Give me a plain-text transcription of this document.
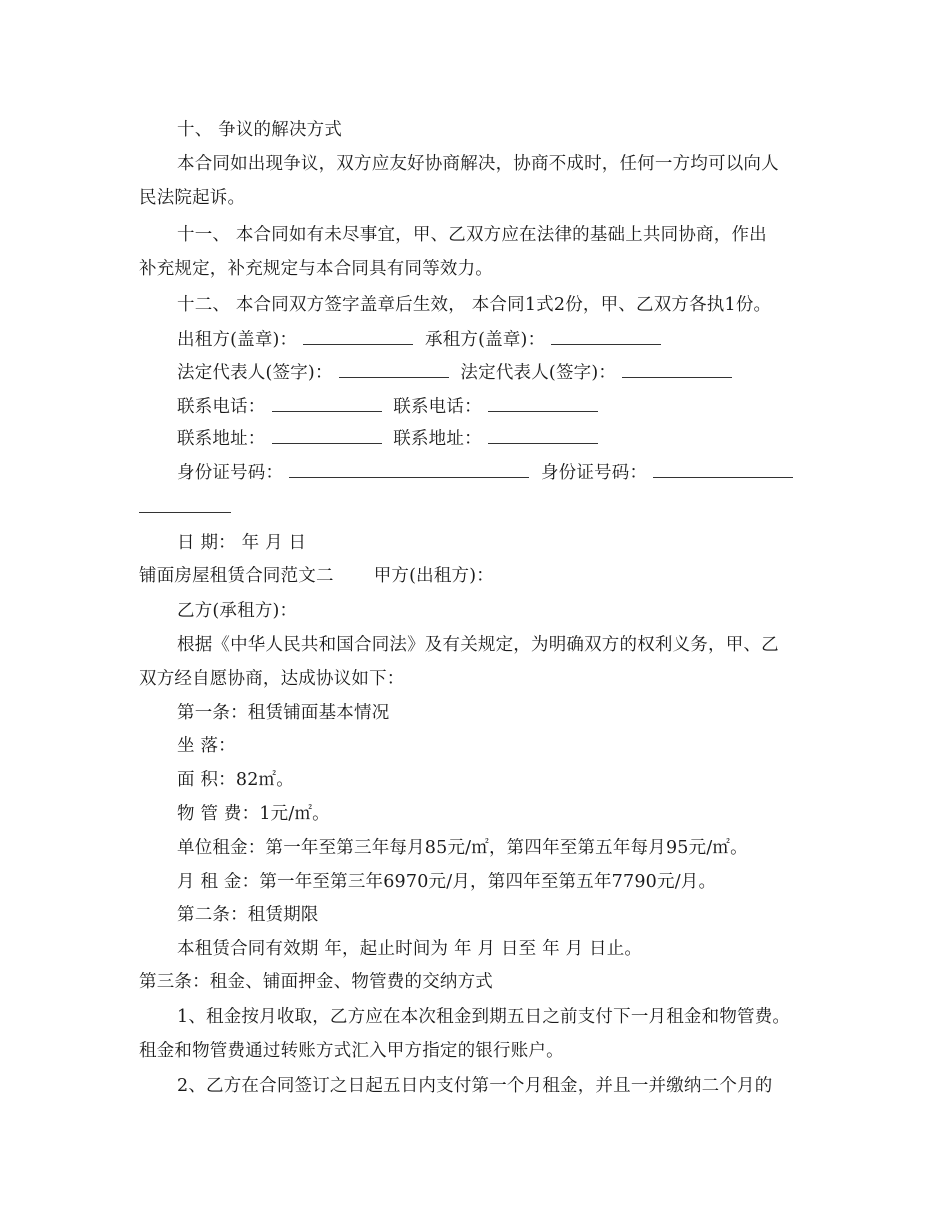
十、 争议的解决方式
本合同如出现争议，双方应友好协商解决，协商不成时，任何一方均可以向人
民法院起诉。
十一、 本合同如有未尽事宜，甲、乙双方应在法律的基础上共同协商，作出
补充规定，补充规定与本合同具有同等效力。
十二、 本合同双方签字盖章后生效， 本合同1式2份，甲、乙双方各执1份。
出租方(盖章)：	承租方(盖章)：
法定代表人(签字)：	法定代表人(签字)：
联系电话：	联系电话：
联系地址：	联系地址：
身份证号码：	身份证号码：
日 期： 年 月 日
铺面房屋租赁合同范文二 甲方(出租方)：
乙方(承租方)：
根据《中华人民共和国合同法》及有关规定，为明确双方的权利义务，甲、乙
双方经自愿协商，达成协议如下：
第一条：租赁铺面基本情况
坐 落：
面 积：82㎡。
物 管 费：1元/㎡。
单位租金：第一年至第三年每月85元/㎡，第四年至第五年每月95元/㎡。
月 租 金：第一年至第三年6970元/月，第四年至第五年7790元/月。
第二条：租赁期限
本租赁合同有效期 年，起止时间为 年 月 日至 年 月 日止。
第三条：租金、铺面押金、物管费的交纳方式
1、租金按月收取，乙方应在本次租金到期五日之前支付下一月租金和物管费。
租金和物管费通过转账方式汇入甲方指定的银行账户。
2、乙方在合同签订之日起五日内支付第一个月租金，并且一并缴纳二个月的
